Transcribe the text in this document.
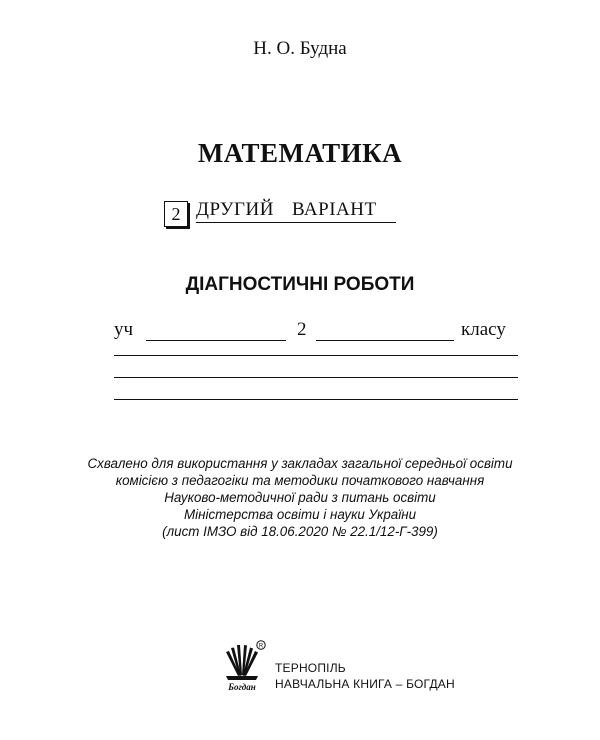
Н. О. Будна
МАТЕМАТИКА
2 ДРУГИЙ ВАРІАНТ
ДІАГНОСТИЧНІ РОБОТИ
уч	2	класу
Схвалено для використання у закладах загальної середньої освіти
комісією з педагогіки та методики початкового навчання
Науково-методичної ради з питань освіти
Міністерства освіти і науки України
(лист ІМЗО від 18.06.2020 № 22.1/12-Г-399)
R
Богдан
ТЕРНОПІЛЬ
НАВЧАЛЬНА КНИГА – БОГДАН
